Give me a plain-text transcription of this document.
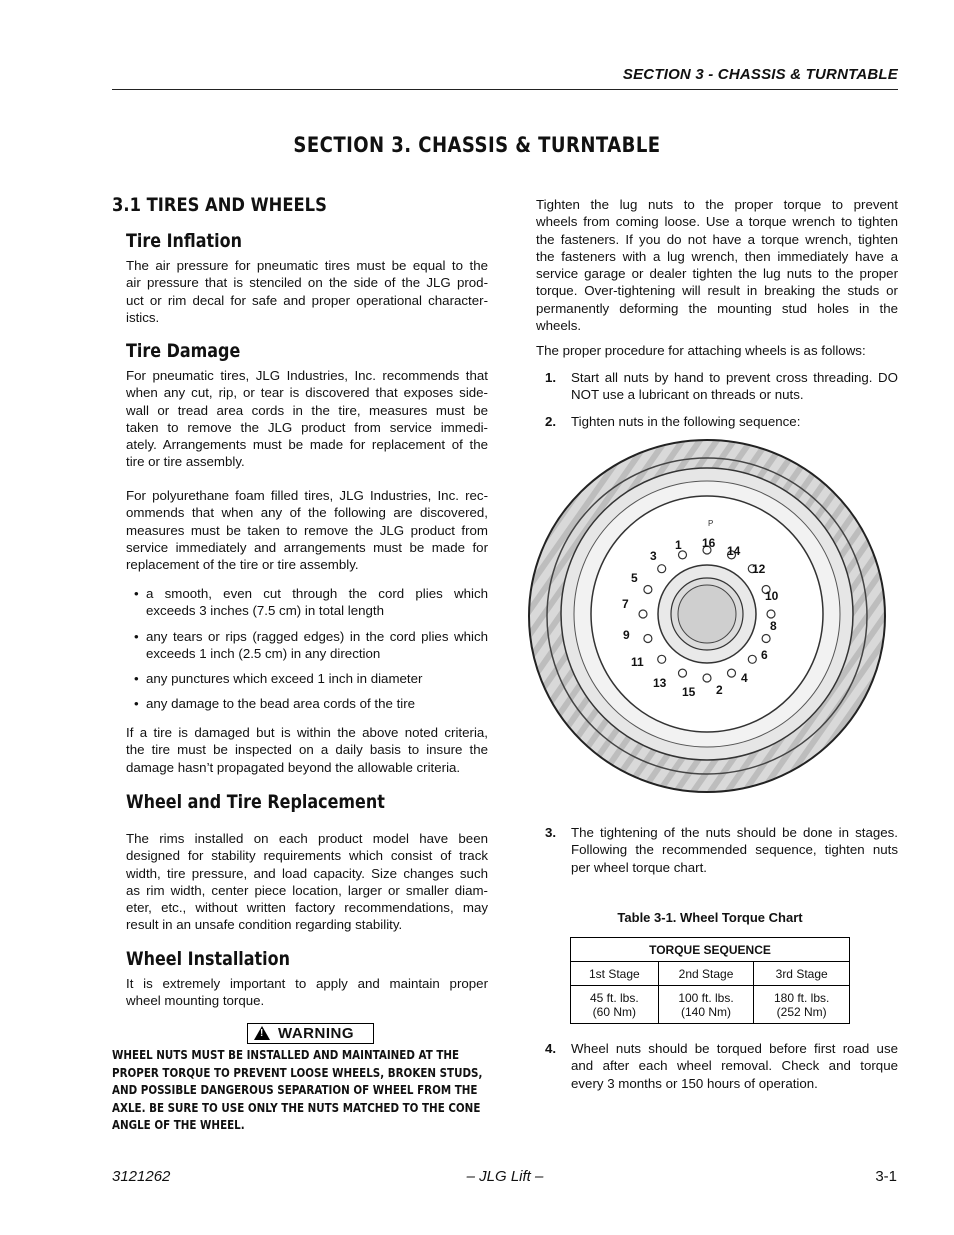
SECTION 3 - CHASSIS & TURNTABLE
SECTION 3. CHASSIS & TURNTABLE
3.1 TIRES AND WHEELS
Tire Inflation
The air pressure for pneumatic tires must be equal to the
air pressure that is stenciled on the side of the JLG prod-
uct or rim decal for safe and proper operational character-
istics.
Tire Damage
For pneumatic tires, JLG Industries, Inc. recommends that
when any cut, rip, or tear is discovered that exposes side-
wall or tread area cords in the tire, measures must be
taken to remove the JLG product from service immedi-
ately. Arrangements must be made for replacement of the
tire or tire assembly.
For polyurethane foam filled tires, JLG Industries, Inc. rec-
ommends that when any of the following are discovered,
measures must be taken to remove the JLG product from
service immediately and arrangements must be made for
replacement of the tire or tire assembly.
• a smooth, even cut through the cord plies which
exceeds 3 inches (7.5 cm) in total length
• any tears or rips (ragged edges) in the cord plies which
exceeds 1 inch (2.5 cm) in any direction
• any punctures which exceed 1 inch in diameter
• any damage to the bead area cords of the tire
If a tire is damaged but is within the above noted criteria,
the tire must be inspected on a daily basis to insure the
damage hasn’t propagated beyond the allowable criteria.
Wheel and Tire Replacement
The rims installed on each product model have been
designed for stability requirements which consist of track
width, tire pressure, and load capacity. Size changes such
as rim width, center piece location, larger or smaller diam-
eter, etc., without written factory recommendations, may
result in an unsafe condition regarding stability.
Wheel Installation
It is extremely important to apply and maintain proper
wheel mounting torque.
! WARNING
WHEEL NUTS MUST BE INSTALLED AND MAINTAINED AT THE
PROPER TORQUE TO PREVENT LOOSE WHEELS, BROKEN STUDS,
AND POSSIBLE DANGEROUS SEPARATION OF WHEEL FROM THE
AXLE. BE SURE TO USE ONLY THE NUTS MATCHED TO THE CONE
ANGLE OF THE WHEEL.
Tighten the lug nuts to the proper torque to prevent
wheels from coming loose. Use a torque wrench to tighten
the fasteners. If you do not have a torque wrench, tighten
the fasteners with a lug wrench, then immediately have a
service garage or dealer tighten the lug nuts to the proper
torque. Over-tightening will result in breaking the studs or
permanently deforming the mounting stud holes in the
wheels.
The proper procedure for attaching wheels is as follows:
1. Start all nuts by hand to prevent cross threading. DO
NOT use a lubricant on threads or nuts.
2. Tighten nuts in the following sequence:
P
1
2
3
4
5
6
7
8
9
10
11
12
13
14
15
16
3. The tightening of the nuts should be done in stages.
Following the recommended sequence, tighten nuts
per wheel torque chart.
Table 3-1. Wheel Torque Chart
TORQUE SEQUENCE		
1st Stage	2nd Stage	3rd Stage
45 ft. lbs.
(60 Nm)	100 ft. lbs.
(140 Nm)	180 ft. lbs.
(252 Nm)
4. Wheel nuts should be torqued before first road use
and after each wheel removal. Check and torque
every 3 months or 150 hours of operation.
3121262	– JLG Lift –	3-1
